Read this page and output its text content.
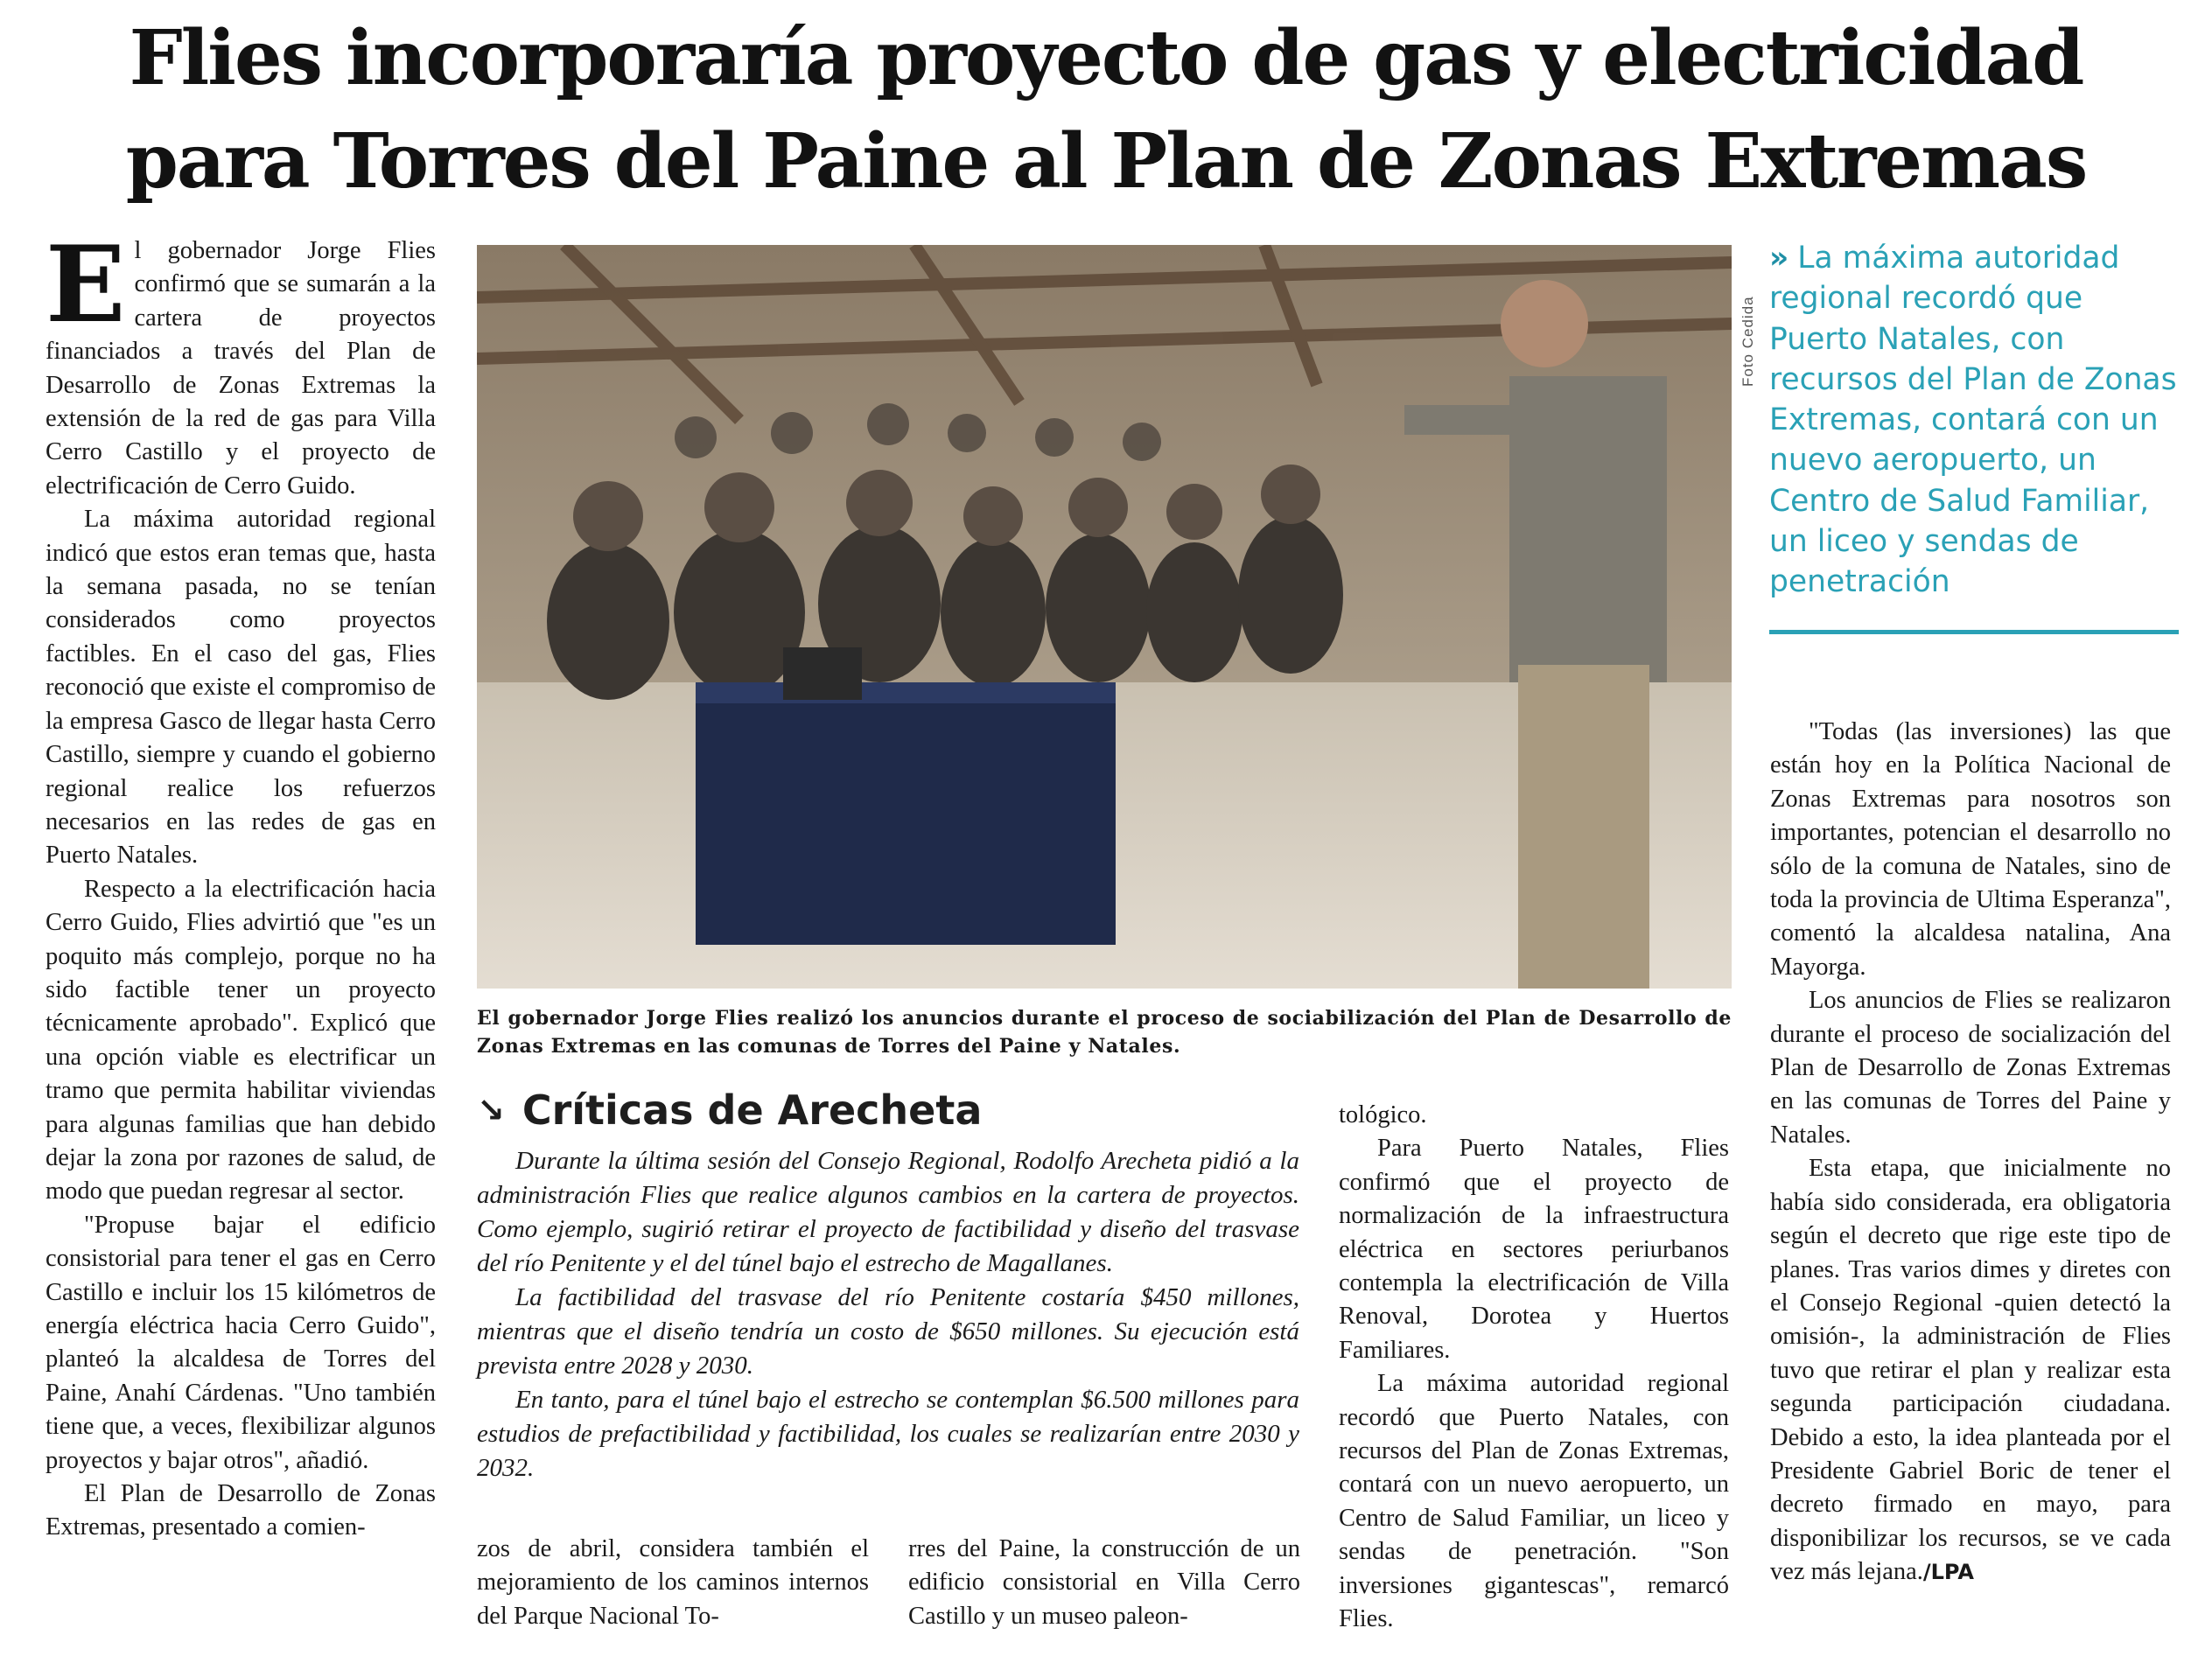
Flies incorporaría proyecto de gas y electricidad
para Torres del Paine al Plan de Zonas Extremas

El gobernador Jorge Flies confirmó que se sumarán a la cartera de proyectos financiados a través del Plan de Desarrollo de Zonas Extremas la extensión de la red de gas para Villa Cerro Castillo y el proyecto de electrificación de Cerro Guido.

La máxima autoridad regional indicó que estos eran temas que, hasta la semana pasada, no se tenían considerados como proyectos factibles. En el caso del gas, Flies reconoció que existe el compromiso de la empresa Gasco de llegar hasta Cerro Castillo, siempre y cuando el gobierno regional realice los refuerzos necesarios en las redes de gas en Puerto Natales.

Respecto a la electrificación hacia Cerro Guido, Flies advirtió que "es un poquito más complejo, porque no ha sido factible tener un proyecto técnicamente aprobado". Explicó que una opción viable es electrificar un tramo que permita habilitar viviendas para algunas familias que han debido dejar la zona por razones de salud, de modo que puedan regresar al sector.

"Propuse bajar el edificio consistorial para tener el gas en Cerro Castillo e incluir los 15 kilómetros de energía eléctrica hacia Cerro Guido", planteó la alcaldesa de Torres del Paine, Anahí Cárdenas. "Uno también tiene que, a veces, flexibilizar algunos proyectos y bajar otros", añadió.

El Plan de Desarrollo de Zonas Extremas, presentado a comien-

Foto Cedida

El gobernador Jorge Flies realizó los anuncios durante el proceso de sociabilización del Plan de Desarrollo de Zonas Extremas en las comunas de Torres del Paine y Natales.

» La máxima autoridad regional recordó que Puerto Natales, con recursos del Plan de Zonas Extremas, contará con un nuevo aeropuerto, un Centro de Salud Familiar, un liceo y sendas de penetración
↘ Críticas de Arecheta

Durante la última sesión del Consejo Regional, Rodolfo Arecheta pidió a la administración Flies que realice algunos cambios en la cartera de proyectos. Como ejemplo, sugirió retirar el proyecto de factibilidad y diseño del trasvase del río Penitente y el del túnel bajo el estrecho de Magallanes.

La factibilidad del trasvase del río Penitente costaría $450 millones, mientras que el diseño tendría un costo de $650 millones. Su ejecución está prevista entre 2028 y 2030.

En tanto, para el túnel bajo el estrecho se contemplan $6.500 millones para estudios de prefactibilidad y factibilidad, los cuales se realizarían entre 2030 y 2032.

zos de abril, considera también el mejoramiento de los caminos internos del Parque Nacional To-

rres del Paine, la construcción de un edificio consistorial en Villa Cerro Castillo y un museo paleon-

tológico.

Para Puerto Natales, Flies confirmó que el proyecto de normalización de la infraestructura eléctrica en sectores periurbanos contempla la electrificación de Villa Renoval, Dorotea y Huertos Familiares.

La máxima autoridad regional recordó que Puerto Natales, con recursos del Plan de Zonas Extremas, contará con un nuevo aeropuerto, un Centro de Salud Familiar, un liceo y sendas de penetración. "Son inversiones gigantescas", remarcó Flies.

"Todas (las inversiones) las que están hoy en la Política Nacional de Zonas Extremas para nosotros son importantes, potencian el desarrollo no sólo de la comuna de Natales, sino de toda la provincia de Ultima Esperanza", comentó la alcaldesa natalina, Ana Mayorga.

Los anuncios de Flies se realizaron durante el proceso de socialización del Plan de Desarrollo de Zonas Extremas en las comunas de Torres del Paine y Natales.

Esta etapa, que inicialmente no había sido considerada, era obligatoria según el decreto que rige este tipo de planes. Tras varios dimes y diretes con el Consejo Regional -quien detectó la omisión-, la administración de Flies tuvo que retirar el plan y realizar esta segunda participación ciudadana. Debido a esto, la idea planteada por el Presidente Gabriel Boric de tener el decreto firmado en mayo, para disponibilizar los recursos, se ve cada vez más lejana./LPA
